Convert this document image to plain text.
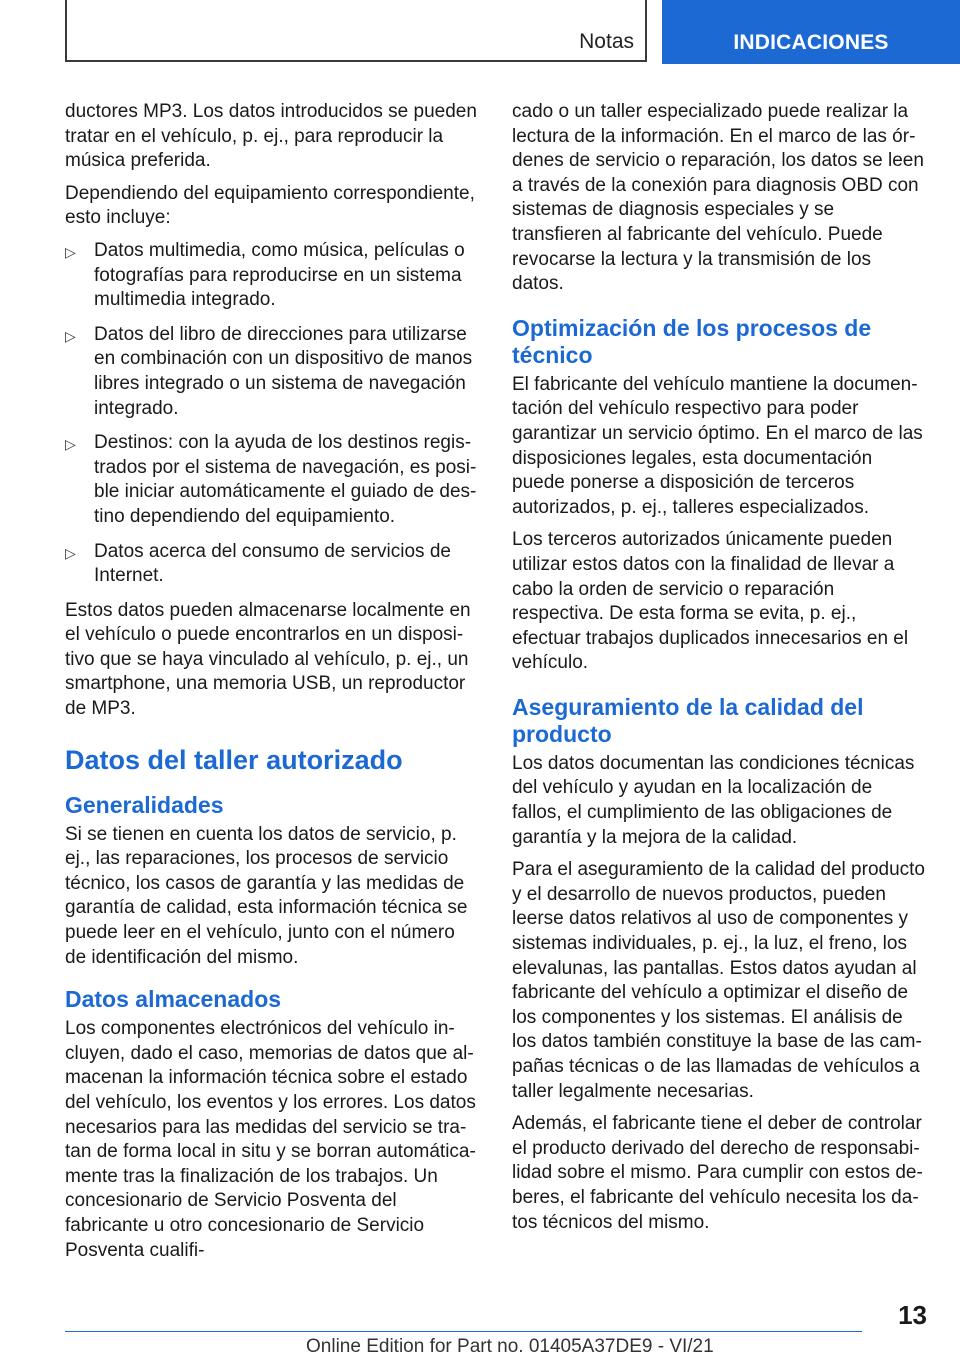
Notas	INDICACIONES

ductores MP3. Los datos introducidos se pueden tratar en el vehículo, p. ej., para reproducir la música preferida.

Dependiendo del equipamiento correspondiente, esto incluye:

▷ Datos multimedia, como música, películas o fotografías para reproducirse en un sistema multimedia integrado.
▷ Datos del libro de direcciones para utilizarse en combinación con un dispositivo de manos libres integrado o un sistema de navegación integrado.
▷ Destinos: con la ayuda de los destinos registrados por el sistema de navegación, es posible iniciar automáticamente el guiado de destino dependiendo del equipamiento.
▷ Datos acerca del consumo de servicios de Internet.

Estos datos pueden almacenarse localmente en el vehículo o puede encontrarlos en un dispositivo que se haya vinculado al vehículo, p. ej., un smartphone, una memoria USB, un reproductor de MP3.

Datos del taller autorizado
Generalidades

Si se tienen en cuenta los datos de servicio, p. ej., las reparaciones, los procesos de servicio técnico, los casos de garantía y las medidas de garantía de calidad, esta información técnica se puede leer en el vehículo, junto con el número de identificación del mismo.

Datos almacenados

Los componentes electrónicos del vehículo incluyen, dado el caso, memorias de datos que almacenan la información técnica sobre el estado del vehículo, los eventos y los errores. Los datos necesarios para las medidas del servicio se tratan de forma local in situ y se borran automáticamente tras la finalización de los trabajos. Un concesionario de Servicio Posventa del fabricante u otro concesionario de Servicio Posventa cualifi-

cado o un taller especializado puede realizar la lectura de la información. En el marco de las órdenes de servicio o reparación, los datos se leen a través de la conexión para diagnosis OBD con sistemas de diagnosis especiales y se transfieren al fabricante del vehículo. Puede revocarse la lectura y la transmisión de los datos.

Optimización de los procesos de técnico

El fabricante del vehículo mantiene la documentación del vehículo respectivo para poder garantizar un servicio óptimo. En el marco de las disposiciones legales, esta documentación puede ponerse a disposición de terceros autorizados, p. ej., talleres especializados.

Los terceros autorizados únicamente pueden utilizar estos datos con la finalidad de llevar a cabo la orden de servicio o reparación respectiva. De esta forma se evita, p. ej., efectuar trabajos duplicados innecesarios en el vehículo.

Aseguramiento de la calidad del producto

Los datos documentan las condiciones técnicas del vehículo y ayudan en la localización de fallos, el cumplimiento de las obligaciones de garantía y la mejora de la calidad.

Para el aseguramiento de la calidad del producto y el desarrollo de nuevos productos, pueden leerse datos relativos al uso de componentes y sistemas individuales, p. ej., la luz, el freno, los elevalunas, las pantallas. Estos datos ayudan al fabricante del vehículo a optimizar el diseño de los componentes y los sistemas. El análisis de los datos también constituye la base de las campañas técnicas o de las llamadas de vehículos a taller legalmente necesarias.

Además, el fabricante tiene el deber de controlar el producto derivado del derecho de responsabilidad sobre el mismo. Para cumplir con estos deberes, el fabricante del vehículo necesita los datos técnicos del mismo.

13
Online Edition for Part no. 01405A37DE9 - VI/21
